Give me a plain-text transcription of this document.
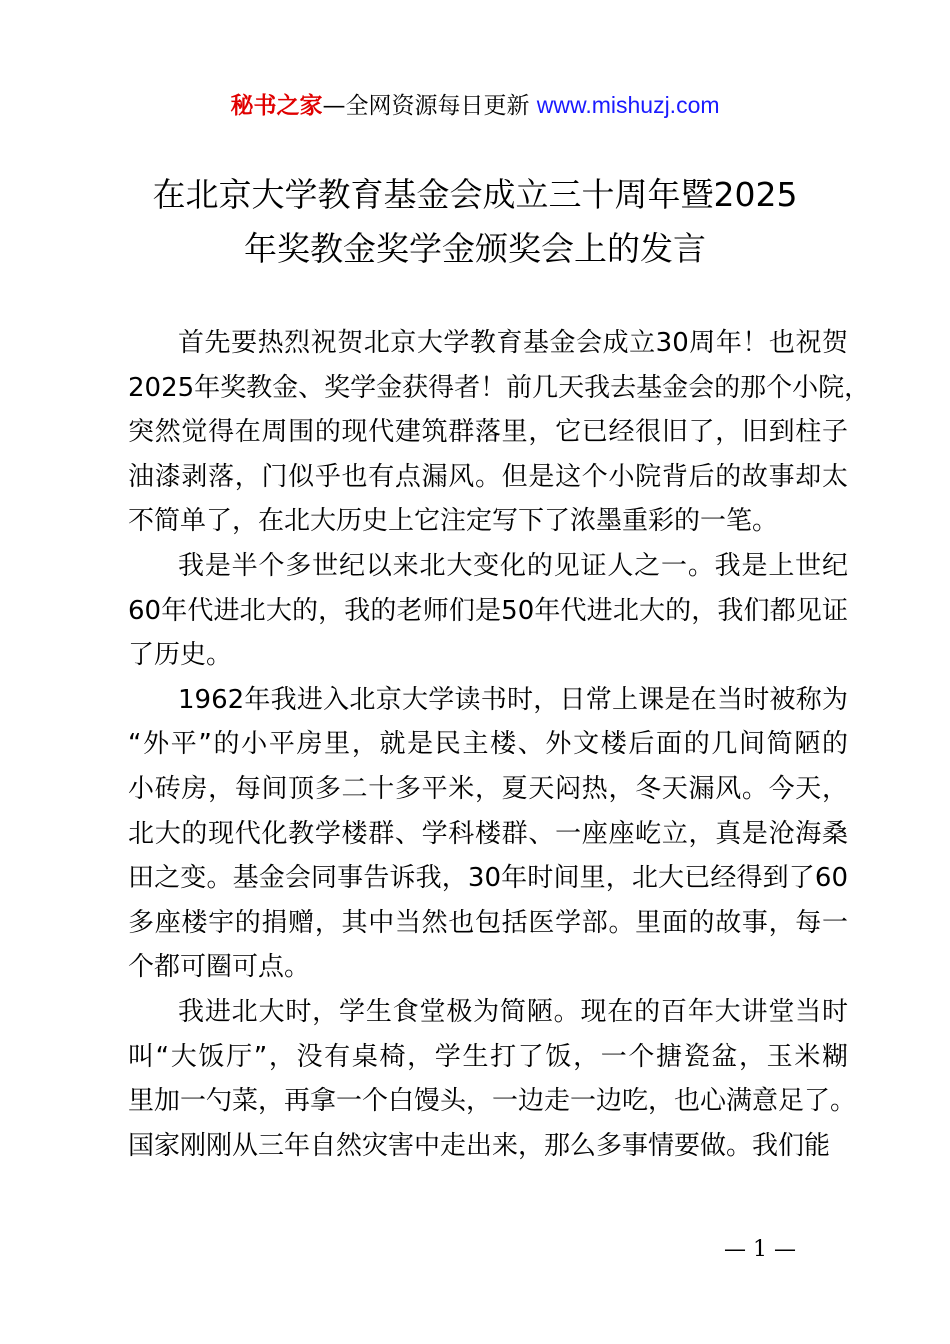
秘书之家—全网资源每日更新 www.mishuzj.com
在北京大学教育基金会成立三十周年暨2025
年奖教金奖学金颁奖会上的发言
首先要热烈祝贺北京大学教育基金会成立30周年！也祝贺
2025年奖教金、奖学金获得者！前几天我去基金会的那个小院，
突然觉得在周围的现代建筑群落里，它已经很旧了，旧到柱子
油漆剥落，门似乎也有点漏风。但是这个小院背后的故事却太
不简单了，在北大历史上它注定写下了浓墨重彩的一笔。
我是半个多世纪以来北大变化的见证人之一。我是上世纪
60年代进北大的，我的老师们是50年代进北大的，我们都见证
了历史。
1962年我进入北京大学读书时，日常上课是在当时被称为
“外平”的小平房里，就是民主楼、外文楼后面的几间简陋的
小砖房，每间顶多二十多平米，夏天闷热，冬天漏风。今天，
北大的现代化教学楼群、学科楼群、一座座屹立，真是沧海桑
田之变。基金会同事告诉我，30年时间里，北大已经得到了60
多座楼宇的捐赠，其中当然也包括医学部。里面的故事，每一
个都可圈可点。
我进北大时，学生食堂极为简陋。现在的百年大讲堂当时
叫“大饭厅”，没有桌椅，学生打了饭，一个搪瓷盆，玉米糊
里加一勺菜，再拿一个白馒头，一边走一边吃，也心满意足了。
国家刚刚从三年自然灾害中走出来，那么多事情要做。我们能
— 1 —
